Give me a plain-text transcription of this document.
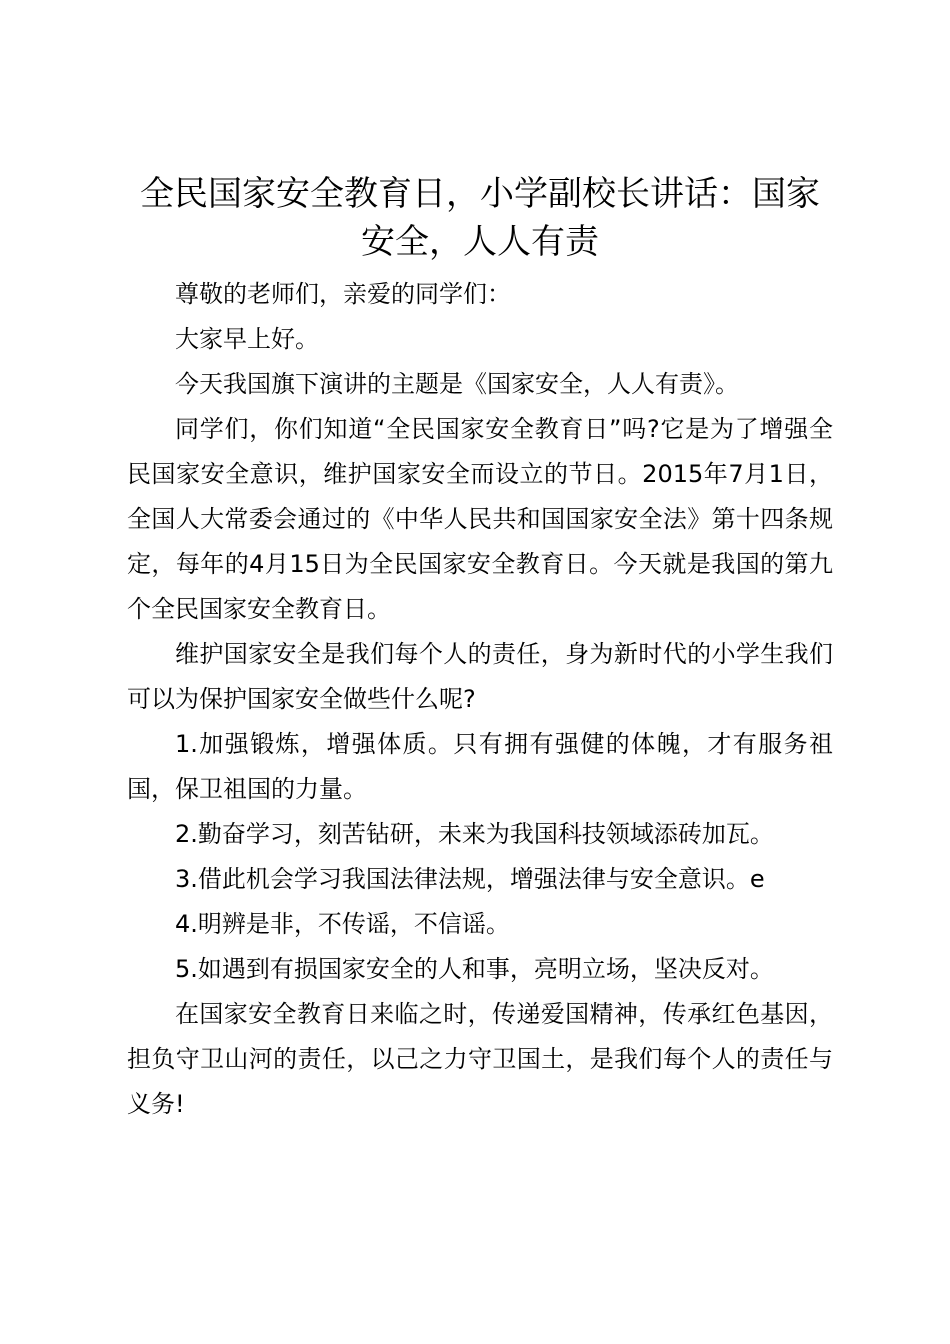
全民国家安全教育日，小学副校长讲话：国家安全，人人有责

尊敬的老师们，亲爱的同学们：

大家早上好。

今天我国旗下演讲的主题是《国家安全，人人有责》。

同学们，你们知道“全民国家安全教育日”吗?它是为了增强全民国家安全意识，维护国家安全而设立的节日。2015年7月1日，全国人大常委会通过的《中华人民共和国国家安全法》第十四条规定，每年的4月15日为全民国家安全教育日。今天就是我国的第九个全民国家安全教育日。

维护国家安全是我们每个人的责任，身为新时代的小学生我们可以为保护国家安全做些什么呢?

1.加强锻炼，增强体质。只有拥有强健的体魄，才有服务祖国，保卫祖国的力量。

2.勤奋学习，刻苦钻研，未来为我国科技领域添砖加瓦。

3.借此机会学习我国法律法规，增强法律与安全意识。e

4.明辨是非，不传谣，不信谣。

5.如遇到有损国家安全的人和事，亮明立场，坚决反对。

在国家安全教育日来临之时，传递爱国精神，传承红色基因，担负守卫山河的责任，以己之力守卫国土，是我们每个人的责任与义务!
